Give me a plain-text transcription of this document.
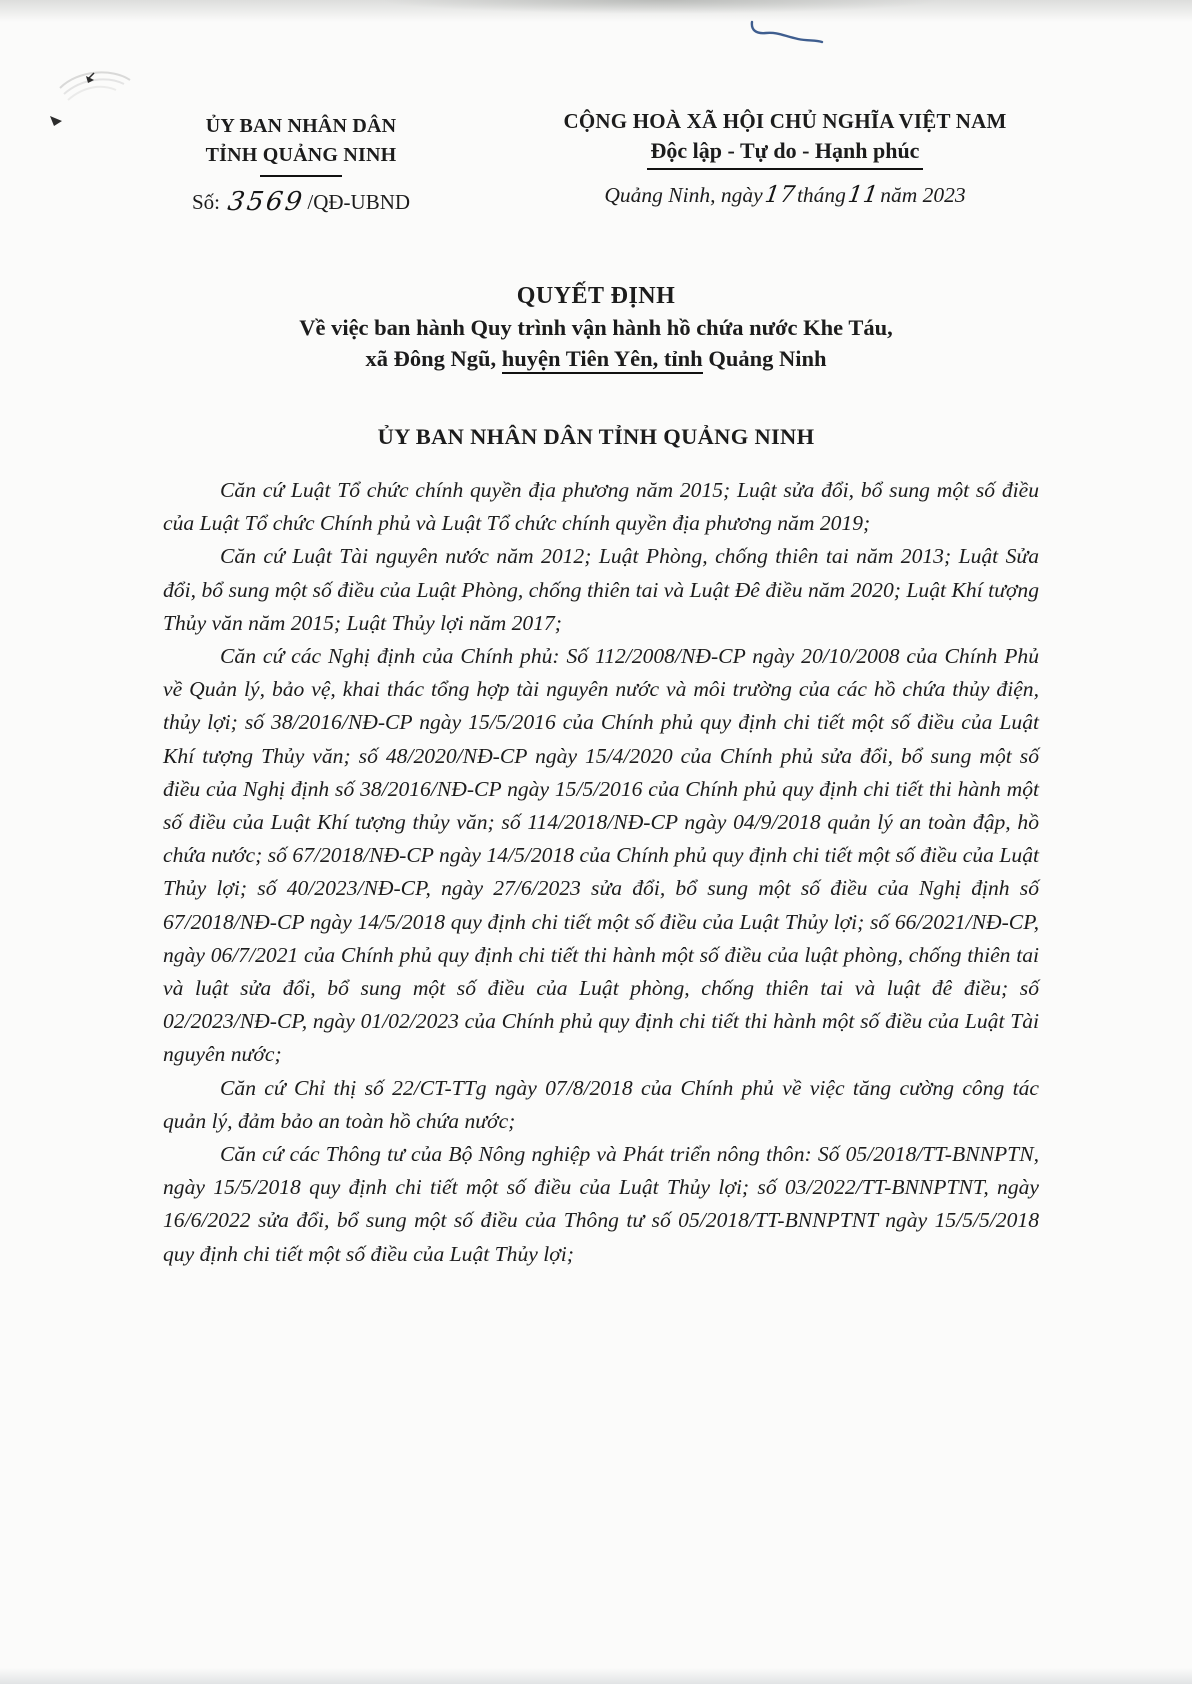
ỦY BAN NHÂN DÂN
TỈNH QUẢNG NINH
Số: 3569/QĐ-UBND
CỘNG HOÀ XÃ HỘI CHỦ NGHĨA VIỆT NAM
Độc lập - Tự do - Hạnh phúc
Quảng Ninh, ngày17tháng11năm 2023
QUYẾT ĐỊNH
Về việc ban hành Quy trình vận hành hồ chứa nước Khe Táu,
xã Đông Ngũ, huyện Tiên Yên, tỉnh Quảng Ninh
ỦY BAN NHÂN DÂN TỈNH QUẢNG NINH

Căn cứ Luật Tổ chức chính quyền địa phương năm 2015; Luật sửa đổi, bổ sung một số điều của Luật Tổ chức Chính phủ và Luật Tổ chức chính quyền địa phương năm 2019;

Căn cứ Luật Tài nguyên nước năm 2012; Luật Phòng, chống thiên tai năm 2013; Luật Sửa đổi, bổ sung một số điều của Luật Phòng, chống thiên tai và Luật Đê điều năm 2020; Luật Khí tượng Thủy văn năm 2015; Luật Thủy lợi năm 2017;

Căn cứ các Nghị định của Chính phủ: Số 112/2008/NĐ-CP ngày 20/10/2008 của Chính Phủ về Quản lý, bảo vệ, khai thác tổng hợp tài nguyên nước và môi trường của các hồ chứa thủy điện, thủy lợi; số 38/2016/NĐ-CP ngày 15/5/2016 của Chính phủ quy định chi tiết một số điều của Luật Khí tượng Thủy văn; số 48/2020/NĐ-CP ngày 15/4/2020 của Chính phủ sửa đổi, bổ sung một số điều của Nghị định số 38/2016/NĐ-CP ngày 15/5/2016 của Chính phủ quy định chi tiết thi hành một số điều của Luật Khí tượng thủy văn; số 114/2018/NĐ-CP ngày 04/9/2018 quản lý an toàn đập, hồ chứa nước; số 67/2018/NĐ-CP ngày 14/5/2018 của Chính phủ quy định chi tiết một số điều của Luật Thủy lợi; số 40/2023/NĐ-CP, ngày 27/6/2023 sửa đổi, bổ sung một số điều của Nghị định số 67/2018/NĐ-CP ngày 14/5/2018 quy định chi tiết một số điều của Luật Thủy lợi; số 66/2021/NĐ-CP, ngày 06/7/2021 của Chính phủ quy định chi tiết thi hành một số điều của luật phòng, chống thiên tai và luật sửa đổi, bổ sung một số điều của Luật phòng, chống thiên tai và luật đê điều; số 02/2023/NĐ-CP, ngày 01/02/2023 của Chính phủ quy định chi tiết thi hành một số điều của Luật Tài nguyên nước;

Căn cứ Chỉ thị số 22/CT-TTg ngày 07/8/2018 của Chính phủ về việc tăng cường công tác quản lý, đảm bảo an toàn hồ chứa nước;

Căn cứ các Thông tư của Bộ Nông nghiệp và Phát triển nông thôn: Số 05/2018/TT-BNNPTN, ngày 15/5/2018 quy định chi tiết một số điều của Luật Thủy lợi; số 03/2022/TT-BNNPTNT, ngày 16/6/2022 sửa đổi, bổ sung một số điều của Thông tư số 05/2018/TT-BNNPTNT ngày 15/5/5/2018 quy định chi tiết một số điều của Luật Thủy lợi;
